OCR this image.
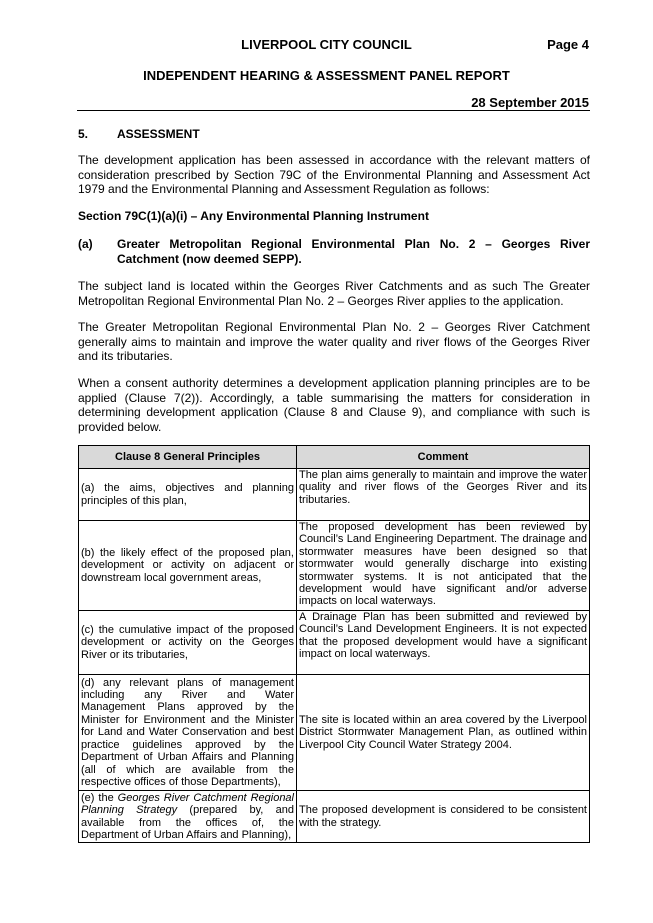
LIVERPOOL CITY COUNCIL	Page 4
INDEPENDENT HEARING & ASSESSMENT PANEL REPORT
28 September 2015
5. ASSESSMENT
The development application has been assessed in accordance with the relevant matters of consideration prescribed by Section 79C of the Environmental Planning and Assessment Act 1979 and the Environmental Planning and Assessment Regulation as follows:
Section 79C(1)(a)(i) – Any Environmental Planning Instrument
(a) Greater Metropolitan Regional Environmental Plan No. 2 – Georges River Catchment (now deemed SEPP).
The subject land is located within the Georges River Catchments and as such The Greater Metropolitan Regional Environmental Plan No. 2 – Georges River applies to the application.
The Greater Metropolitan Regional Environmental Plan No. 2 – Georges River Catchment generally aims to maintain and improve the water quality and river flows of the Georges River and its tributaries.
When a consent authority determines a development application planning principles are to be applied (Clause 7(2)). Accordingly, a table summarising the matters for consideration in determining development application (Clause 8 and Clause 9), and compliance with such is provided below.
Clause 8 General Principles	Comment
(a) the aims, objectives and planning principles of this plan,	The plan aims generally to maintain and improve the water quality and river flows of the Georges River and its tributaries.
(b) the likely effect of the proposed plan, development or activity on adjacent or downstream local government areas,	The proposed development has been reviewed by Council’s Land Engineering Department. The drainage and stormwater measures have been designed so that stormwater would generally discharge into existing stormwater systems. It is not anticipated that the development would have significant and/or adverse impacts on local waterways.
(c) the cumulative impact of the proposed development or activity on the Georges River or its tributaries,	A Drainage Plan has been submitted and reviewed by Council’s Land Development Engineers. It is not expected that the proposed development would have a significant impact on local waterways.
(d) any relevant plans of management including any River and Water Management Plans approved by the Minister for Environment and the Minister for Land and Water Conservation and best practice guidelines approved by the Department of Urban Affairs and Planning (all of which are available from the respective offices of those Departments),	The site is located within an area covered by the Liverpool District Stormwater Management Plan, as outlined within Liverpool City Council Water Strategy 2004.
(e) the Georges River Catchment Regional Planning Strategy (prepared by, and available from the offices of, the Department of Urban Affairs and Planning),	The proposed development is considered to be consistent with the strategy.
